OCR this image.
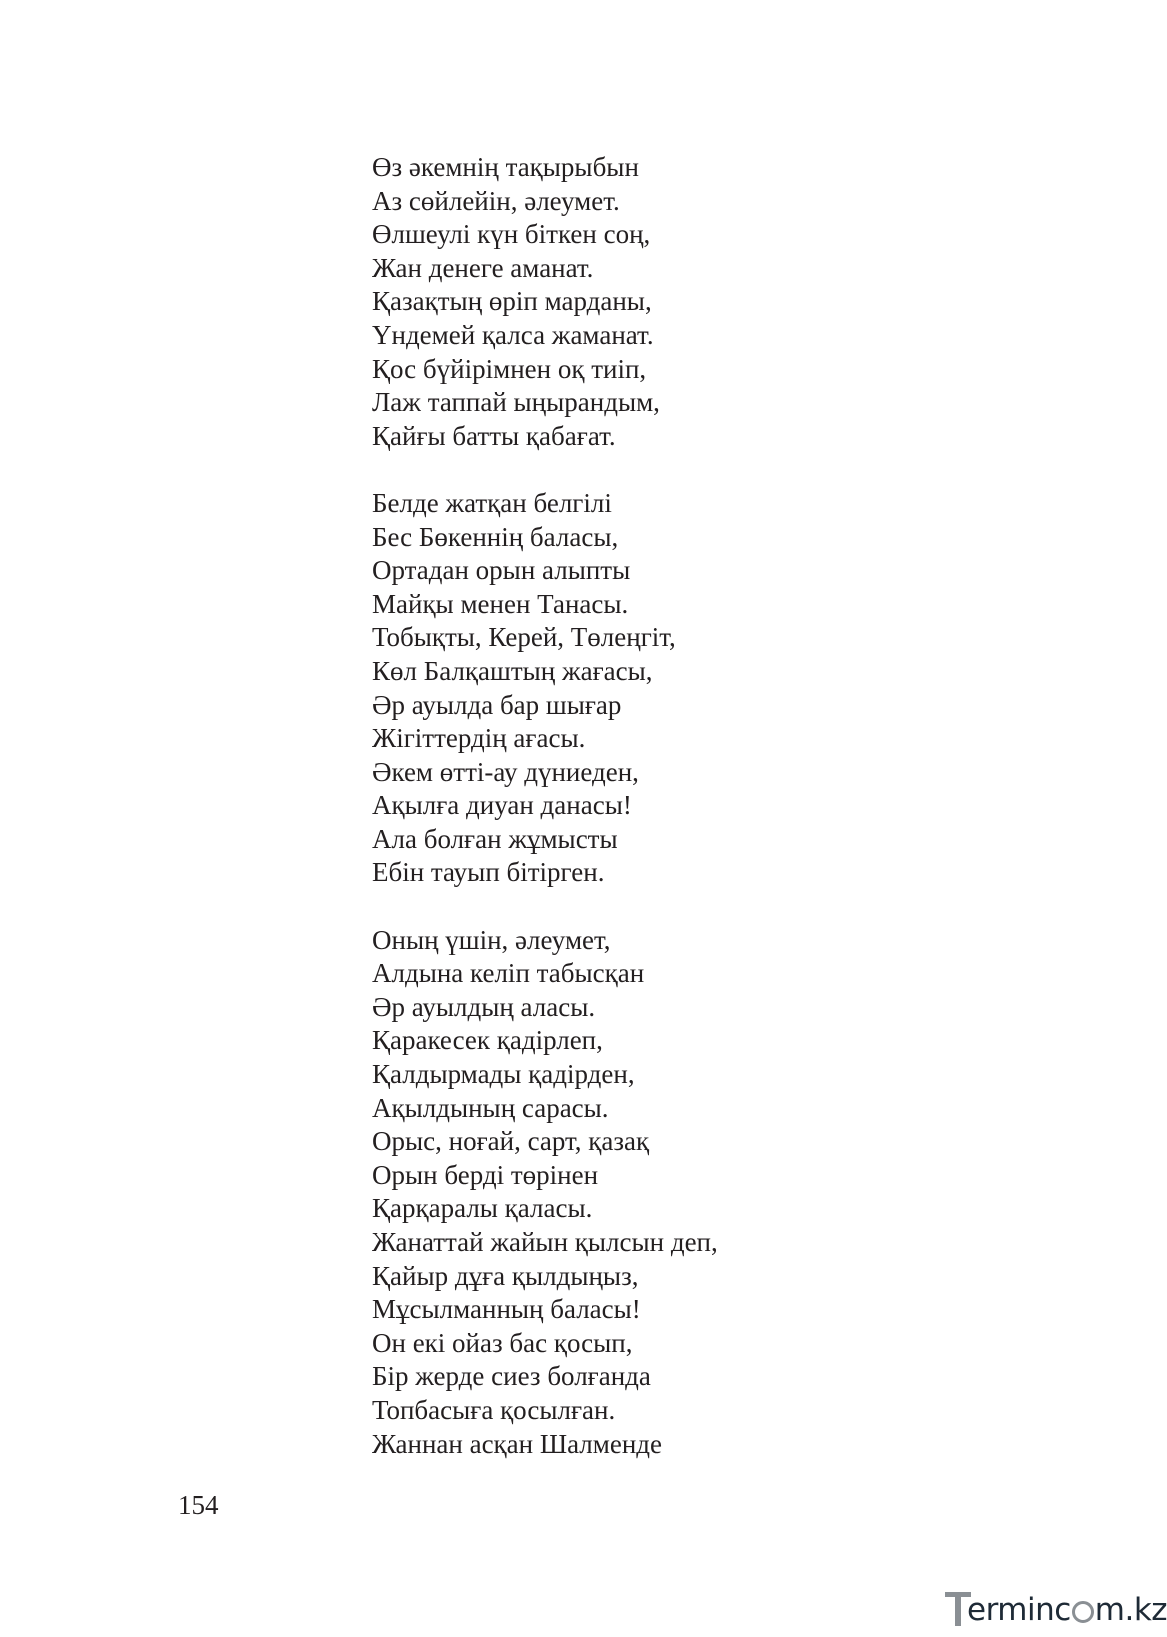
Өз әкемнің тақырыбын
Аз сөйлейін, әлеумет.
Өлшеулі күн біткен соң,
Жан денеге аманат.
Қазақтың өріп марданы,
Үндемей қалса жаманат.
Қос бүйірімнен оқ тиіп,
Лаж таппай ыңырандым,
Қайғы батты қабағат.
Белде жатқан белгілі
Бес Бөкеннің баласы,
Ортадан орын алыпты
Майқы менен Танасы.
Тобықты, Керей, Төлеңгіт,
Көл Балқаштың жағасы,
Әр ауылда бар шығар
Жігіттердің ағасы.
Әкем өтті-ау дүниеден,
Ақылға диуан данасы!
Ала болған жұмысты
Ебін тауып бітірген.
Оның үшін, әлеумет,
Алдына келіп табысқан
Әр ауылдың аласы.
Қаракесек қадірлеп,
Қалдырмады қадірден,
Ақылдының сарасы.
Орыс, ноғай, сарт, қазақ
Орын берді төрінен
Қарқаралы қаласы.
Жанаттай жайын қылсын деп,
Қайыр дұға қылдыңыз,
Мұсылманның баласы!
Он екі ойаз бас қосып,
Бір жерде сиез болғанда
Топбасыға қосылған.
Жаннан асқан Шалменде
154
erminc m.kz
